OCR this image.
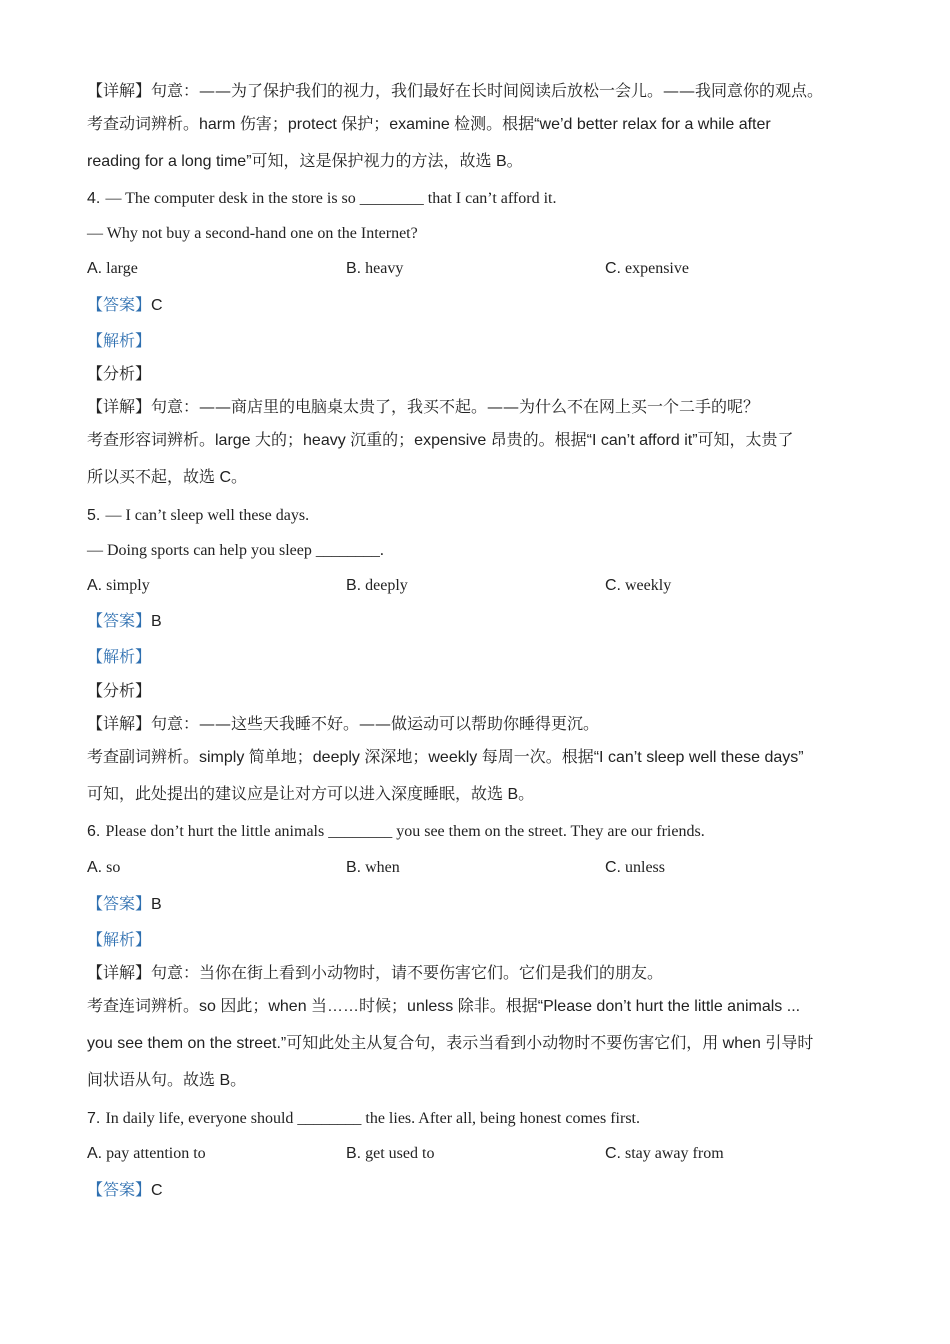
【详解】句意：——为了保护我们的视力，我们最好在长时间阅读后放松一会儿。——我同意你的观点。
考查动词辨析。harm 伤害；protect 保护；examine 检测。根据“we’d better relax for a while after
reading for a long time”可知，这是保护视力的方法，故选 B。
4. — The computer desk in the store is so ________ that I can’t afford it.
— Why not buy a second-hand one on the Internet?
A. large	B. heavy	C. expensive
【答案】C
【解析】
【分析】
【详解】句意：——商店里的电脑桌太贵了，我买不起。——为什么不在网上买一个二手的呢？
考查形容词辨析。large 大的；heavy 沉重的；expensive 昂贵的。根据“I can’t afford it”可知，太贵了
所以买不起，故选 C。
5. — I can’t sleep well these days.
— Doing sports can help you sleep ________.
A. simply	B. deeply	C. weekly
【答案】B
【解析】
【分析】
【详解】句意：——这些天我睡不好。——做运动可以帮助你睡得更沉。
考查副词辨析。simply 简单地；deeply 深深地；weekly 每周一次。根据“I can’t sleep well these days”
可知，此处提出的建议应是让对方可以进入深度睡眠，故选 B。
6. Please don’t hurt the little animals ________ you see them on the street. They are our friends.
A. so	B. when	C. unless
【答案】B
【解析】
【详解】句意：当你在街上看到小动物时，请不要伤害它们。它们是我们的朋友。
考查连词辨析。so 因此；when 当……时候；unless 除非。根据“Please don’t hurt the little animals ...
you see them on the street.”可知此处主从复合句，表示当看到小动物时不要伤害它们，用 when 引导时
间状语从句。故选 B。
7. In daily life, everyone should ________ the lies. After all, being honest comes first.
A. pay attention to	B. get used to	C. stay away from
【答案】C
